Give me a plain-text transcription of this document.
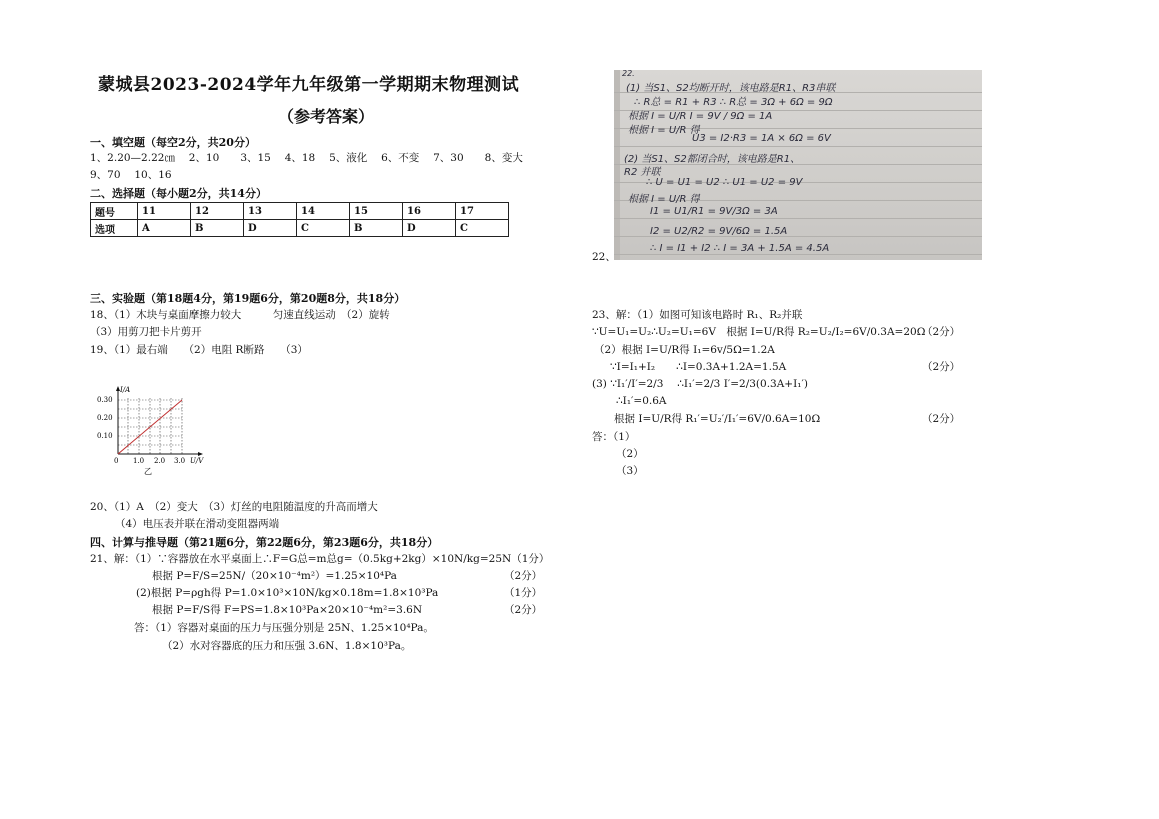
蒙城县2023-2024学年九年级第一学期期末物理测试
（参考答案）
一、填空题（每空2分，共20分）
1、2.20—2.22㎝　 2、10　　3、15　 4、18　 5、液化　 6、不变　 7、30　　8、变大
9、70　 10、16
二、选择题（每小题2分，共14分）
题号	11	12	13	14	15	16	17
选项	A	B	D	C	B	D	C
三、实验题（第18题4分，第19题6分，第20题8分，共18分）
18、（1）木块与桌面摩擦力较大　　　匀速直线运动　（2）旋转
（3）用剪刀把卡片剪开
19、（1）最右端　　（2）电阻 R断路　　（3）
I/A
U/V
0.30
0.20
0.10
0 1.0 2.0 3.0
乙
20、（1）A　（2）变大　（3）灯丝的电阻随温度的升高而增大
（4）电压表并联在滑动变阻器两端
四、计算与推导题（第21题6分，第22题6分，第23题6分，共18分）
21、解：（1）∵容器放在水平桌面上∴F=G总=m总g=（0.5kg+2kg）×10N/kg=25N（1分）
根据 P=F/S=25N/（20×10⁻⁴m²）=1.25×10⁴Pa	（2分）
(2)根据 P=ρgh得 P=1.0×10³×10N/kg×0.18m=1.8×10³Pa	（1分）
根据 P=F/S得 F=PS=1.8×10³Pa×20×10⁻⁴m²=3.6N	（2分）
答：（1）容器对桌面的压力与压强分别是 25N、1.25×10⁴Pa。
（2）水对容器底的压力和压强 3.6N、1.8×10³Pa。
22.
(1) 当S1、S2均断开时，该电路是R1、R3串联
∴ R总 = R1 + R3 ∴ R总 = 3Ω + 6Ω = 9Ω
根据 I = U/R I = 9V / 9Ω = 1A
根据 I = U/R 得
U3 = I2·R3 = 1A × 6Ω = 6V
(2) 当S1、S2都闭合时，该电路是R1、
R2 并联
∴ U = U1 = U2 ∴ U1 = U2 = 9V
根据 I = U/R 得
I1 = U1/R1 = 9V/3Ω = 3A
I2 = U2/R2 = 9V/6Ω = 1.5A
∴ I = I1 + I2 ∴ I = 3A + 1.5A = 4.5A
22、
23、解：（1）如图可知该电路时 R₁、R₂并联
∵U=U₁=U₂∴U₂=U₁=6V　根据 I=U/R得 R₂=U₂/I₂=6V/0.3A=20Ω
（2分）
（2）根据 I=U/R得 I₁=6v/5Ω=1.2A
∵I=I₁+I₂　　∴I=0.3A+1.2A=1.5A	（2分）
(3) ∵I₁′/I′=2/3　 ∴I₁′=2/3 I′=2/3(0.3A+I₁′)
∴I₁′=0.6A
根据 I=U/R得 R₁′=U₂′/I₁′=6V/0.6A=10Ω	（2分）
答：（1）
（2）
（3）
